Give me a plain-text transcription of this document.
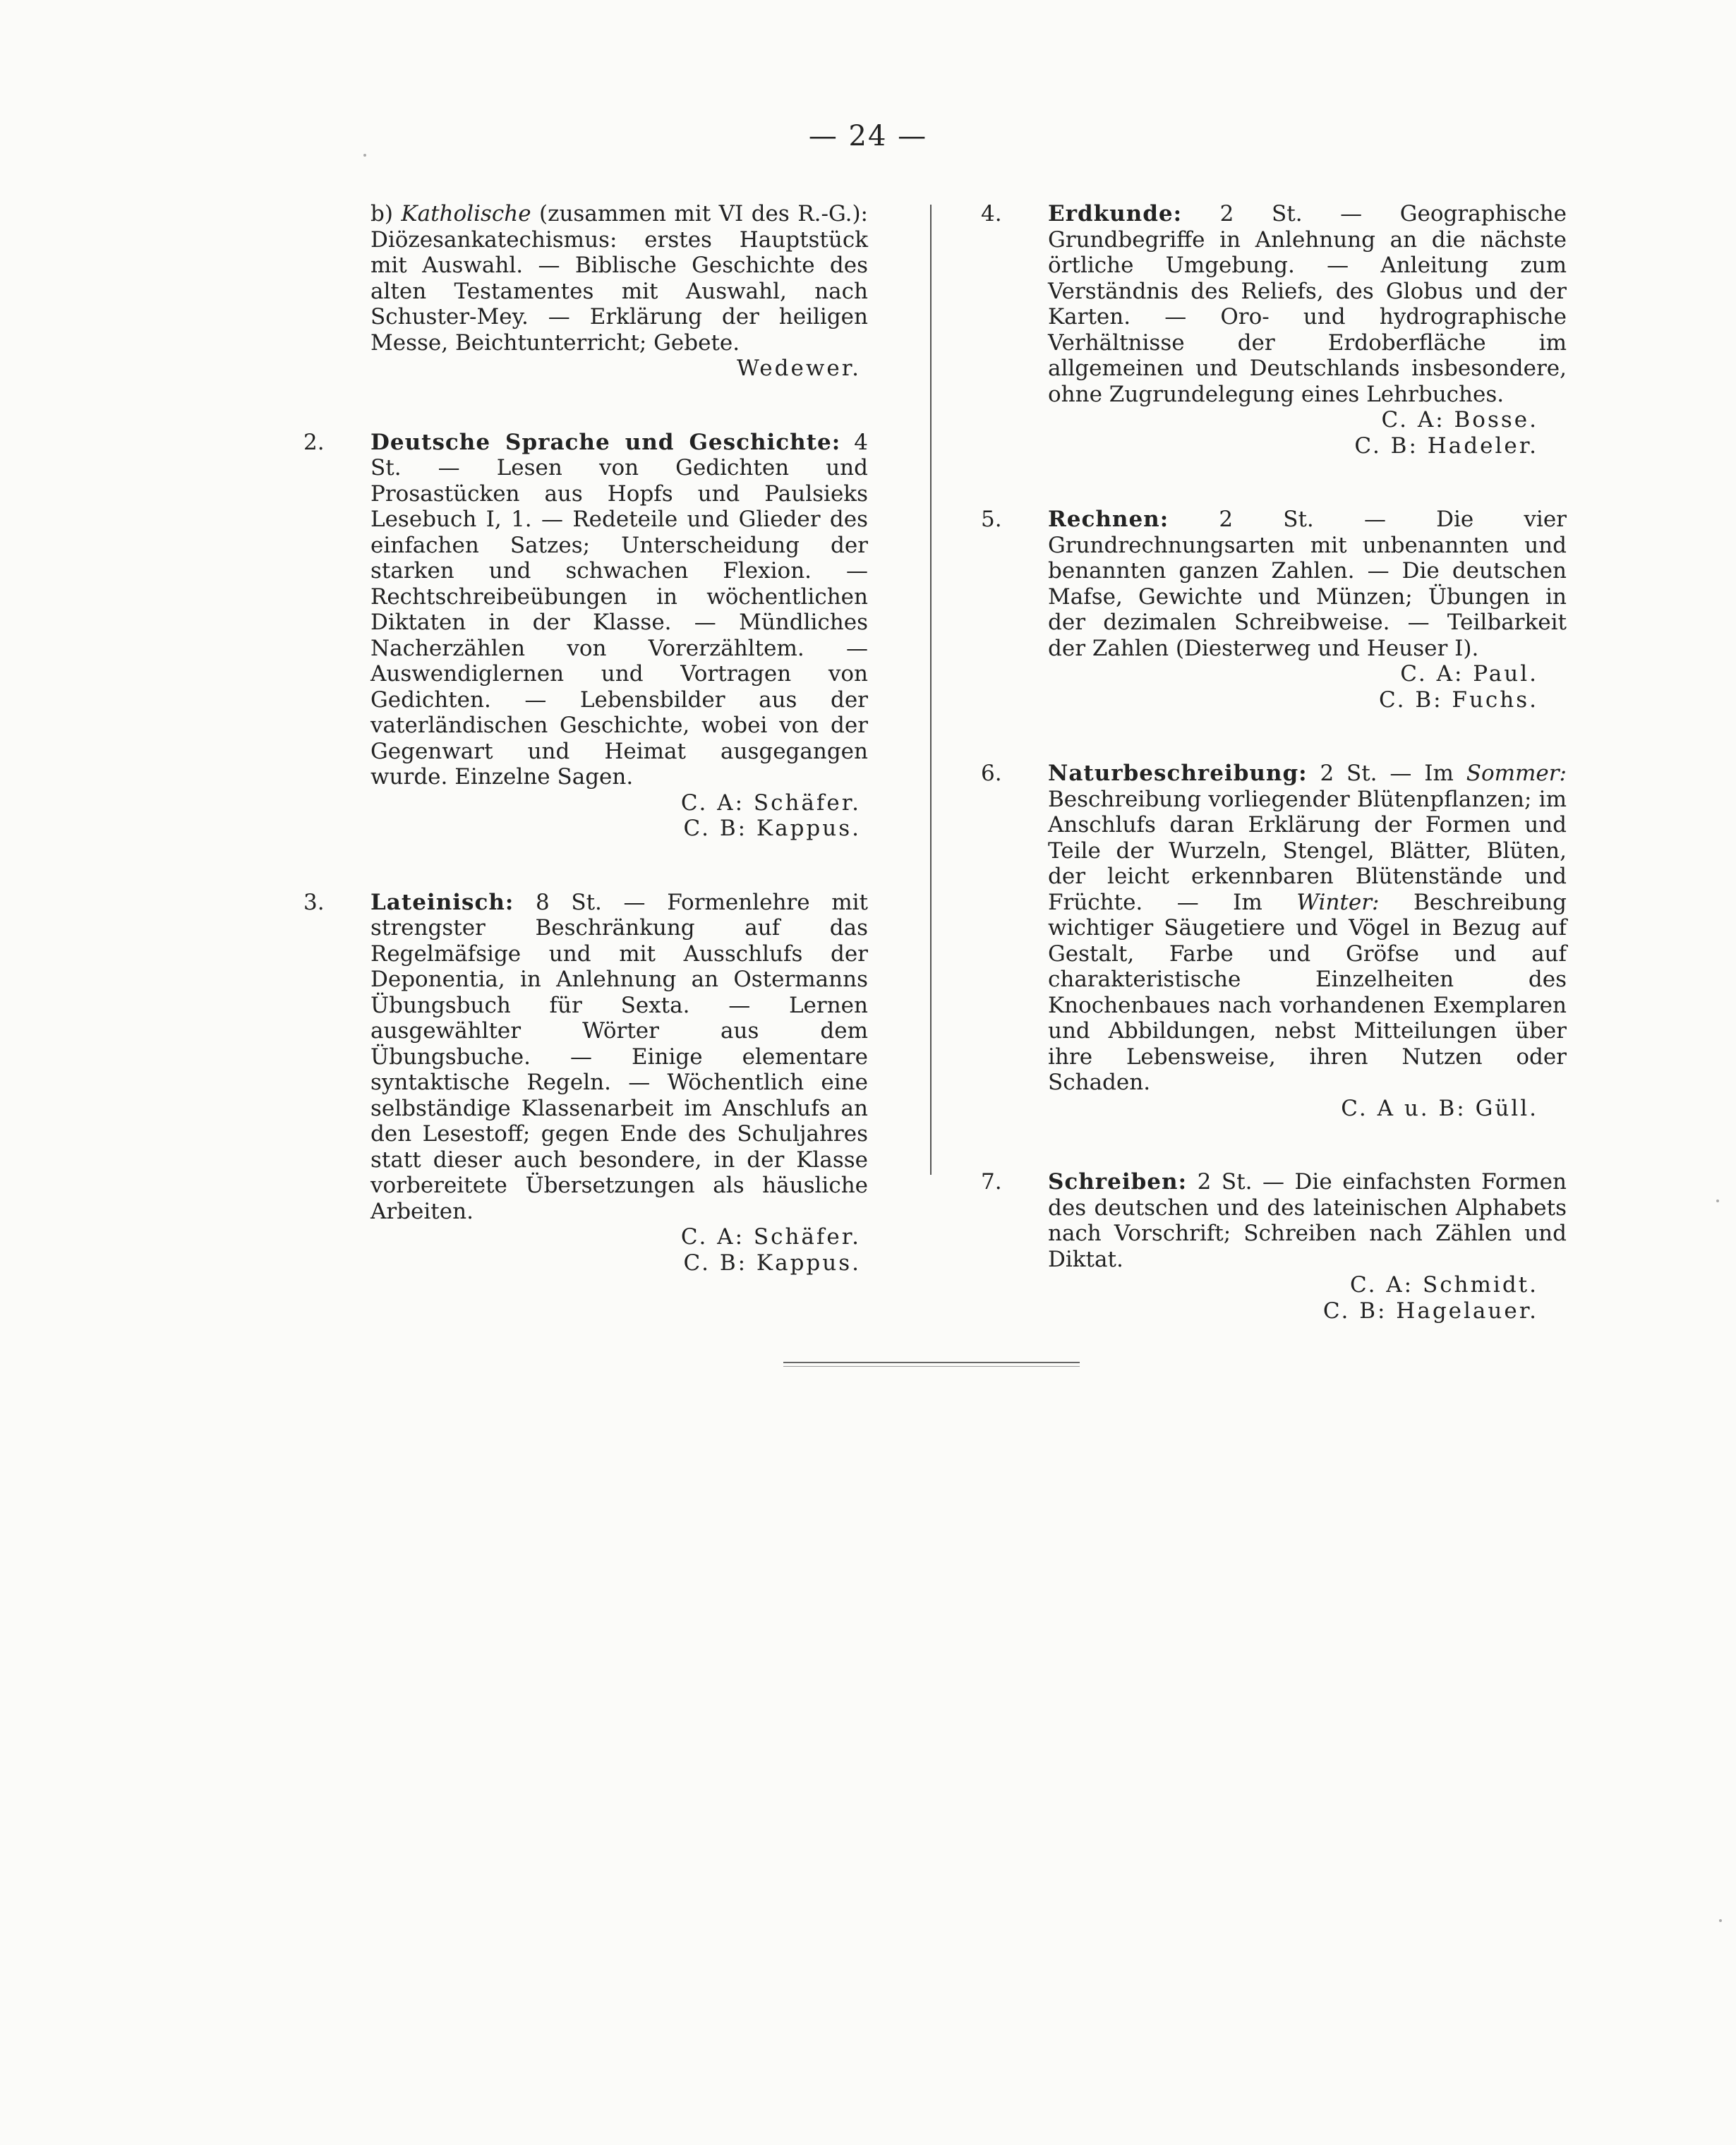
— 24 —
b) Katholische (zusammen mit VI des R.-G.): Diözesankatechismus: erstes Hauptstück mit Auswahl. — Biblische Geschichte des alten Testamentes mit Auswahl, nach Schuster-Mey. — Erklärung der heiligen Messe, Beichtunterricht; Gebete.
Wedewer.
2. Deutsche Sprache und Geschichte: 4 St. — Lesen von Gedichten und Prosastücken aus Hopfs und Paulsieks Lesebuch I, 1. — Redeteile und Glieder des einfachen Satzes; Unterscheidung der starken und schwachen Flexion. — Rechtschreibeübungen in wöchentlichen Diktaten in der Klasse. — Mündliches Nacherzählen von Vorerzähltem. — Auswendiglernen und Vortragen von Gedichten. — Lebensbilder aus der vaterländischen Geschichte, wobei von der Gegenwart und Heimat ausgegangen wurde. Einzelne Sagen.
C. A: Schäfer.
C. B: Kappus.
3. Lateinisch: 8 St. — Formenlehre mit strengster Beschränkung auf das Regelmäfsige und mit Ausschlufs der Deponentia, in Anlehnung an Ostermanns Übungsbuch für Sexta. — Lernen ausgewählter Wörter aus dem Übungsbuche. — Einige elementare syntaktische Regeln. — Wöchentlich eine selbständige Klassenarbeit im Anschlufs an den Lesestoff; gegen Ende des Schuljahres statt dieser auch besondere, in der Klasse vorbereitete Übersetzungen als häusliche Arbeiten.
C. A: Schäfer.
C. B: Kappus.
4. Erdkunde: 2 St. — Geographische Grundbegriffe in Anlehnung an die nächste örtliche Umgebung. — Anleitung zum Verständnis des Reliefs, des Globus und der Karten. — Oro- und hydrographische Verhältnisse der Erdoberfläche im allgemeinen und Deutschlands insbesondere, ohne Zugrundelegung eines Lehrbuches.
C. A: Bosse.
C. B: Hadeler.
5. Rechnen: 2 St. — Die vier Grundrechnungsarten mit unbenannten und benannten ganzen Zahlen. — Die deutschen Mafse, Gewichte und Münzen; Übungen in der dezimalen Schreibweise. — Teilbarkeit der Zahlen (Diesterweg und Heuser I).
C. A: Paul.
C. B: Fuchs.
6. Naturbeschreibung: 2 St. — Im Sommer: Beschreibung vorliegender Blütenpflanzen; im Anschlufs daran Erklärung der Formen und Teile der Wurzeln, Stengel, Blätter, Blüten, der leicht erkennbaren Blütenstände und Früchte. — Im Winter: Beschreibung wichtiger Säugetiere und Vögel in Bezug auf Gestalt, Farbe und Gröfse und auf charakteristische Einzelheiten des Knochenbaues nach vorhandenen Exemplaren und Abbildungen, nebst Mitteilungen über ihre Lebensweise, ihren Nutzen oder Schaden.
C. A u. B: Güll.
7. Schreiben: 2 St. — Die einfachsten Formen des deutschen und des lateinischen Alphabets nach Vorschrift; Schreiben nach Zählen und Diktat.
C. A: Schmidt.
C. B: Hagelauer.
